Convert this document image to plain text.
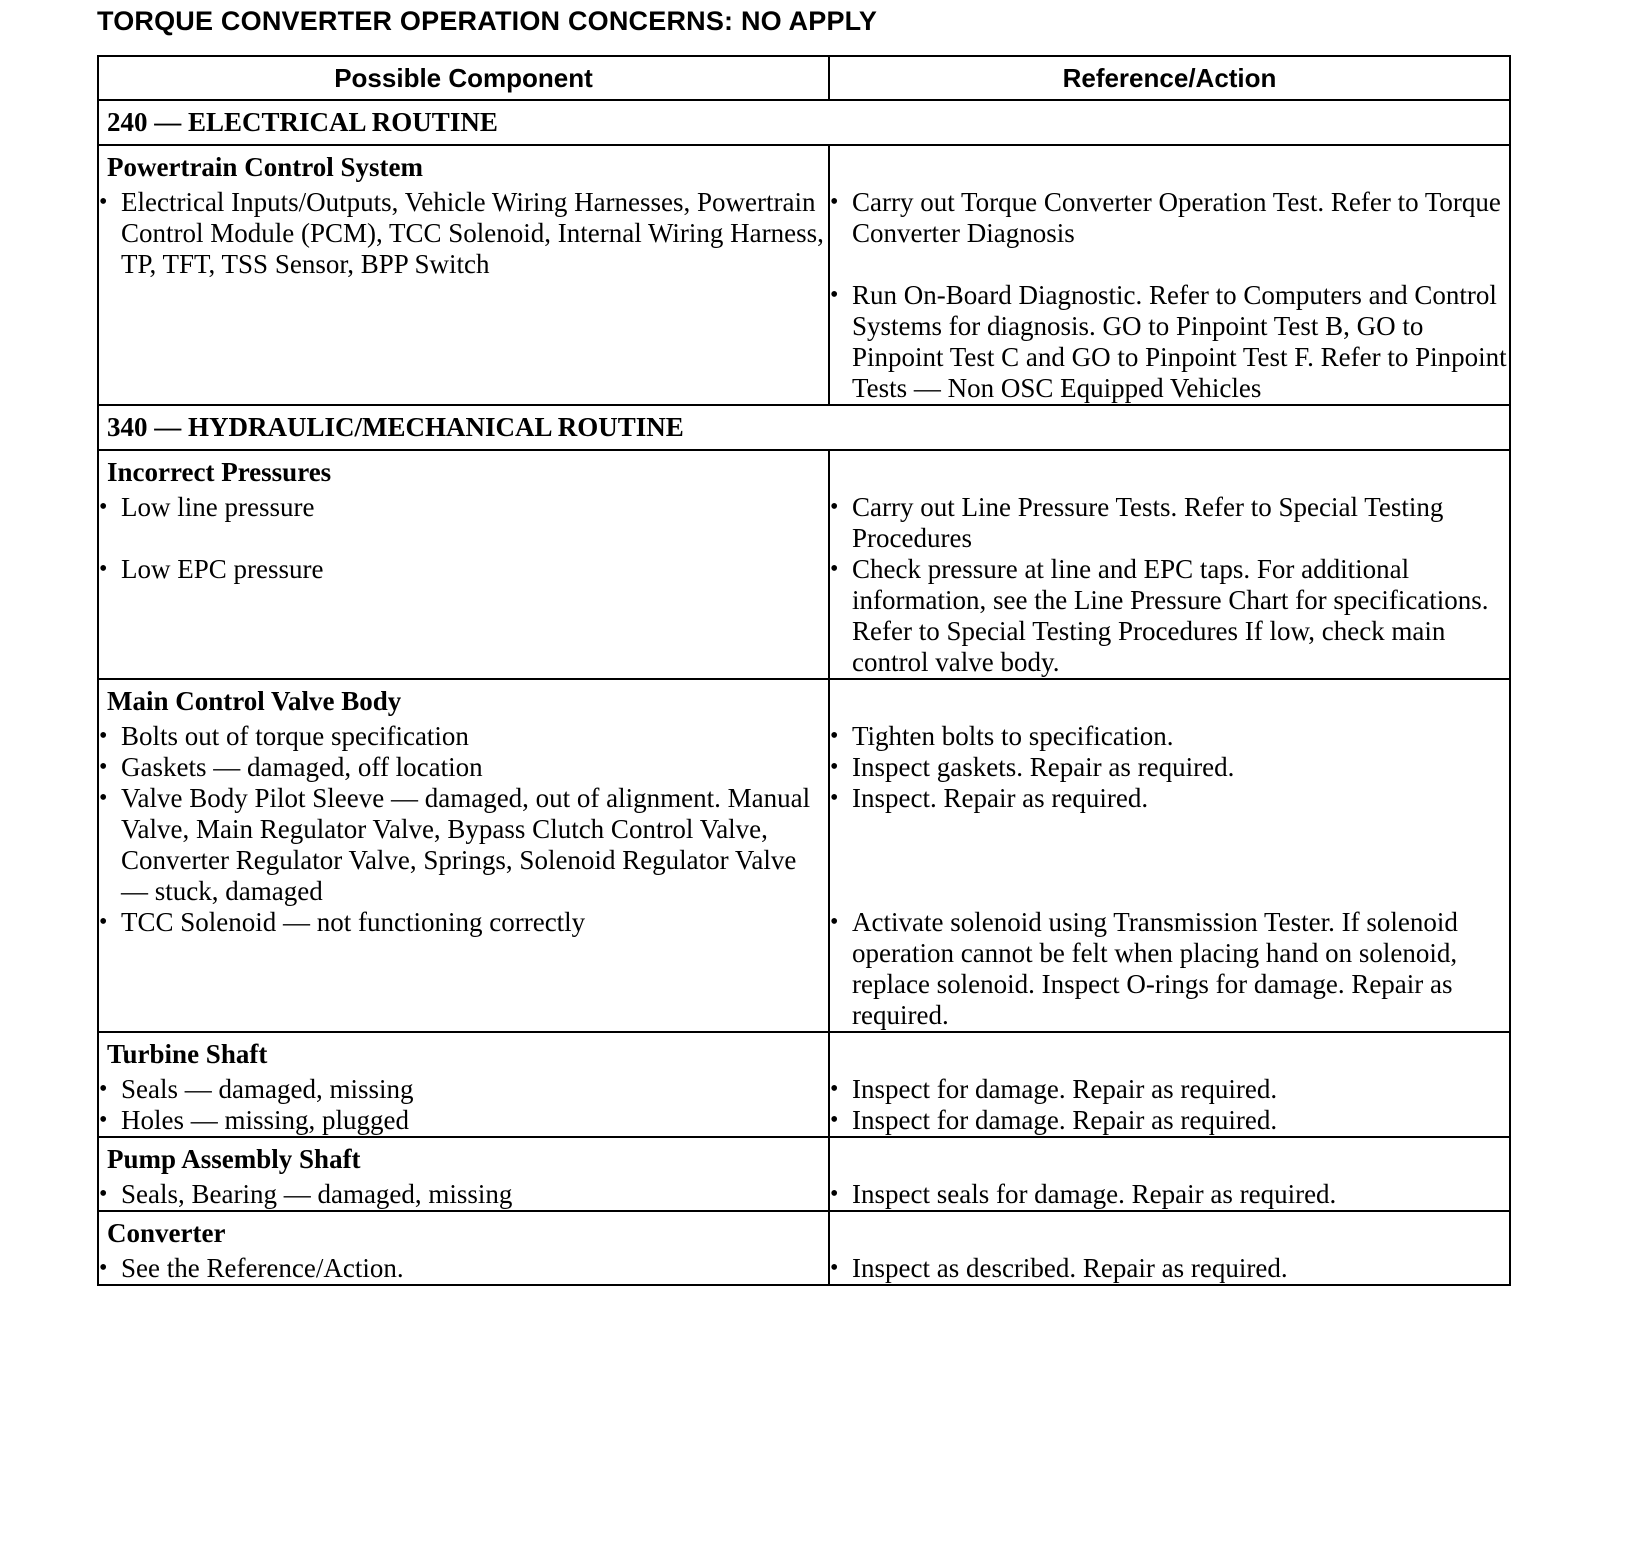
TORQUE CONVERTER OPERATION CONCERNS: NO APPLY
Possible Component	Reference/Action
240 — ELECTRICAL ROUTINE	
Powertrain Control System	

• Electrical Inputs/Outputs, Vehicle Wiring Harnesses, Powertrain Control Module (PCM), TCC Solenoid, Internal Wiring Harness, TP, TFT, TSS Sensor, BPP Switch	• Carry out Torque Converter Operation Test. Refer to Torque Converter Diagnosis

	• Run On-Board Diagnostic. Refer to Computers and Control Systems for diagnosis. GO to Pinpoint Test B, GO to Pinpoint Test C and GO to Pinpoint Test F. Refer to Pinpoint Tests — Non OSC Equipped Vehicles

340 — HYDRAULIC/MECHANICAL ROUTINE	
Incorrect Pressures	

• Low line pressure	• Carry out Line Pressure Tests. Refer to Special Testing Procedures

• Low EPC pressure	• Check pressure at line and EPC taps. For additional information, see the Line Pressure Chart for specifications. Refer to Special Testing Procedures If low, check main control valve body.

Main Control Valve Body	

• Bolts out of torque specification	• Tighten bolts to specification.

• Gaskets — damaged, off location	• Inspect gaskets. Repair as required.

• Valve Body Pilot Sleeve — damaged, out of alignment. Manual Valve, Main Regulator Valve, Bypass Clutch Control Valve, Converter Regulator Valve, Springs, Solenoid Regulator Valve — stuck, damaged	• Inspect. Repair as required.

• TCC Solenoid — not functioning correctly	• Activate solenoid using Transmission Tester. If solenoid operation cannot be felt when placing hand on solenoid, replace solenoid. Inspect O-rings for damage. Repair as required.

Turbine Shaft	

• Seals — damaged, missing	• Inspect for damage. Repair as required.

• Holes — missing, plugged	• Inspect for damage. Repair as required.

Pump Assembly Shaft	

• Seals, Bearing — damaged, missing	• Inspect seals for damage. Repair as required.

Converter	

• See the Reference/Action.	• Inspect as described. Repair as required.
